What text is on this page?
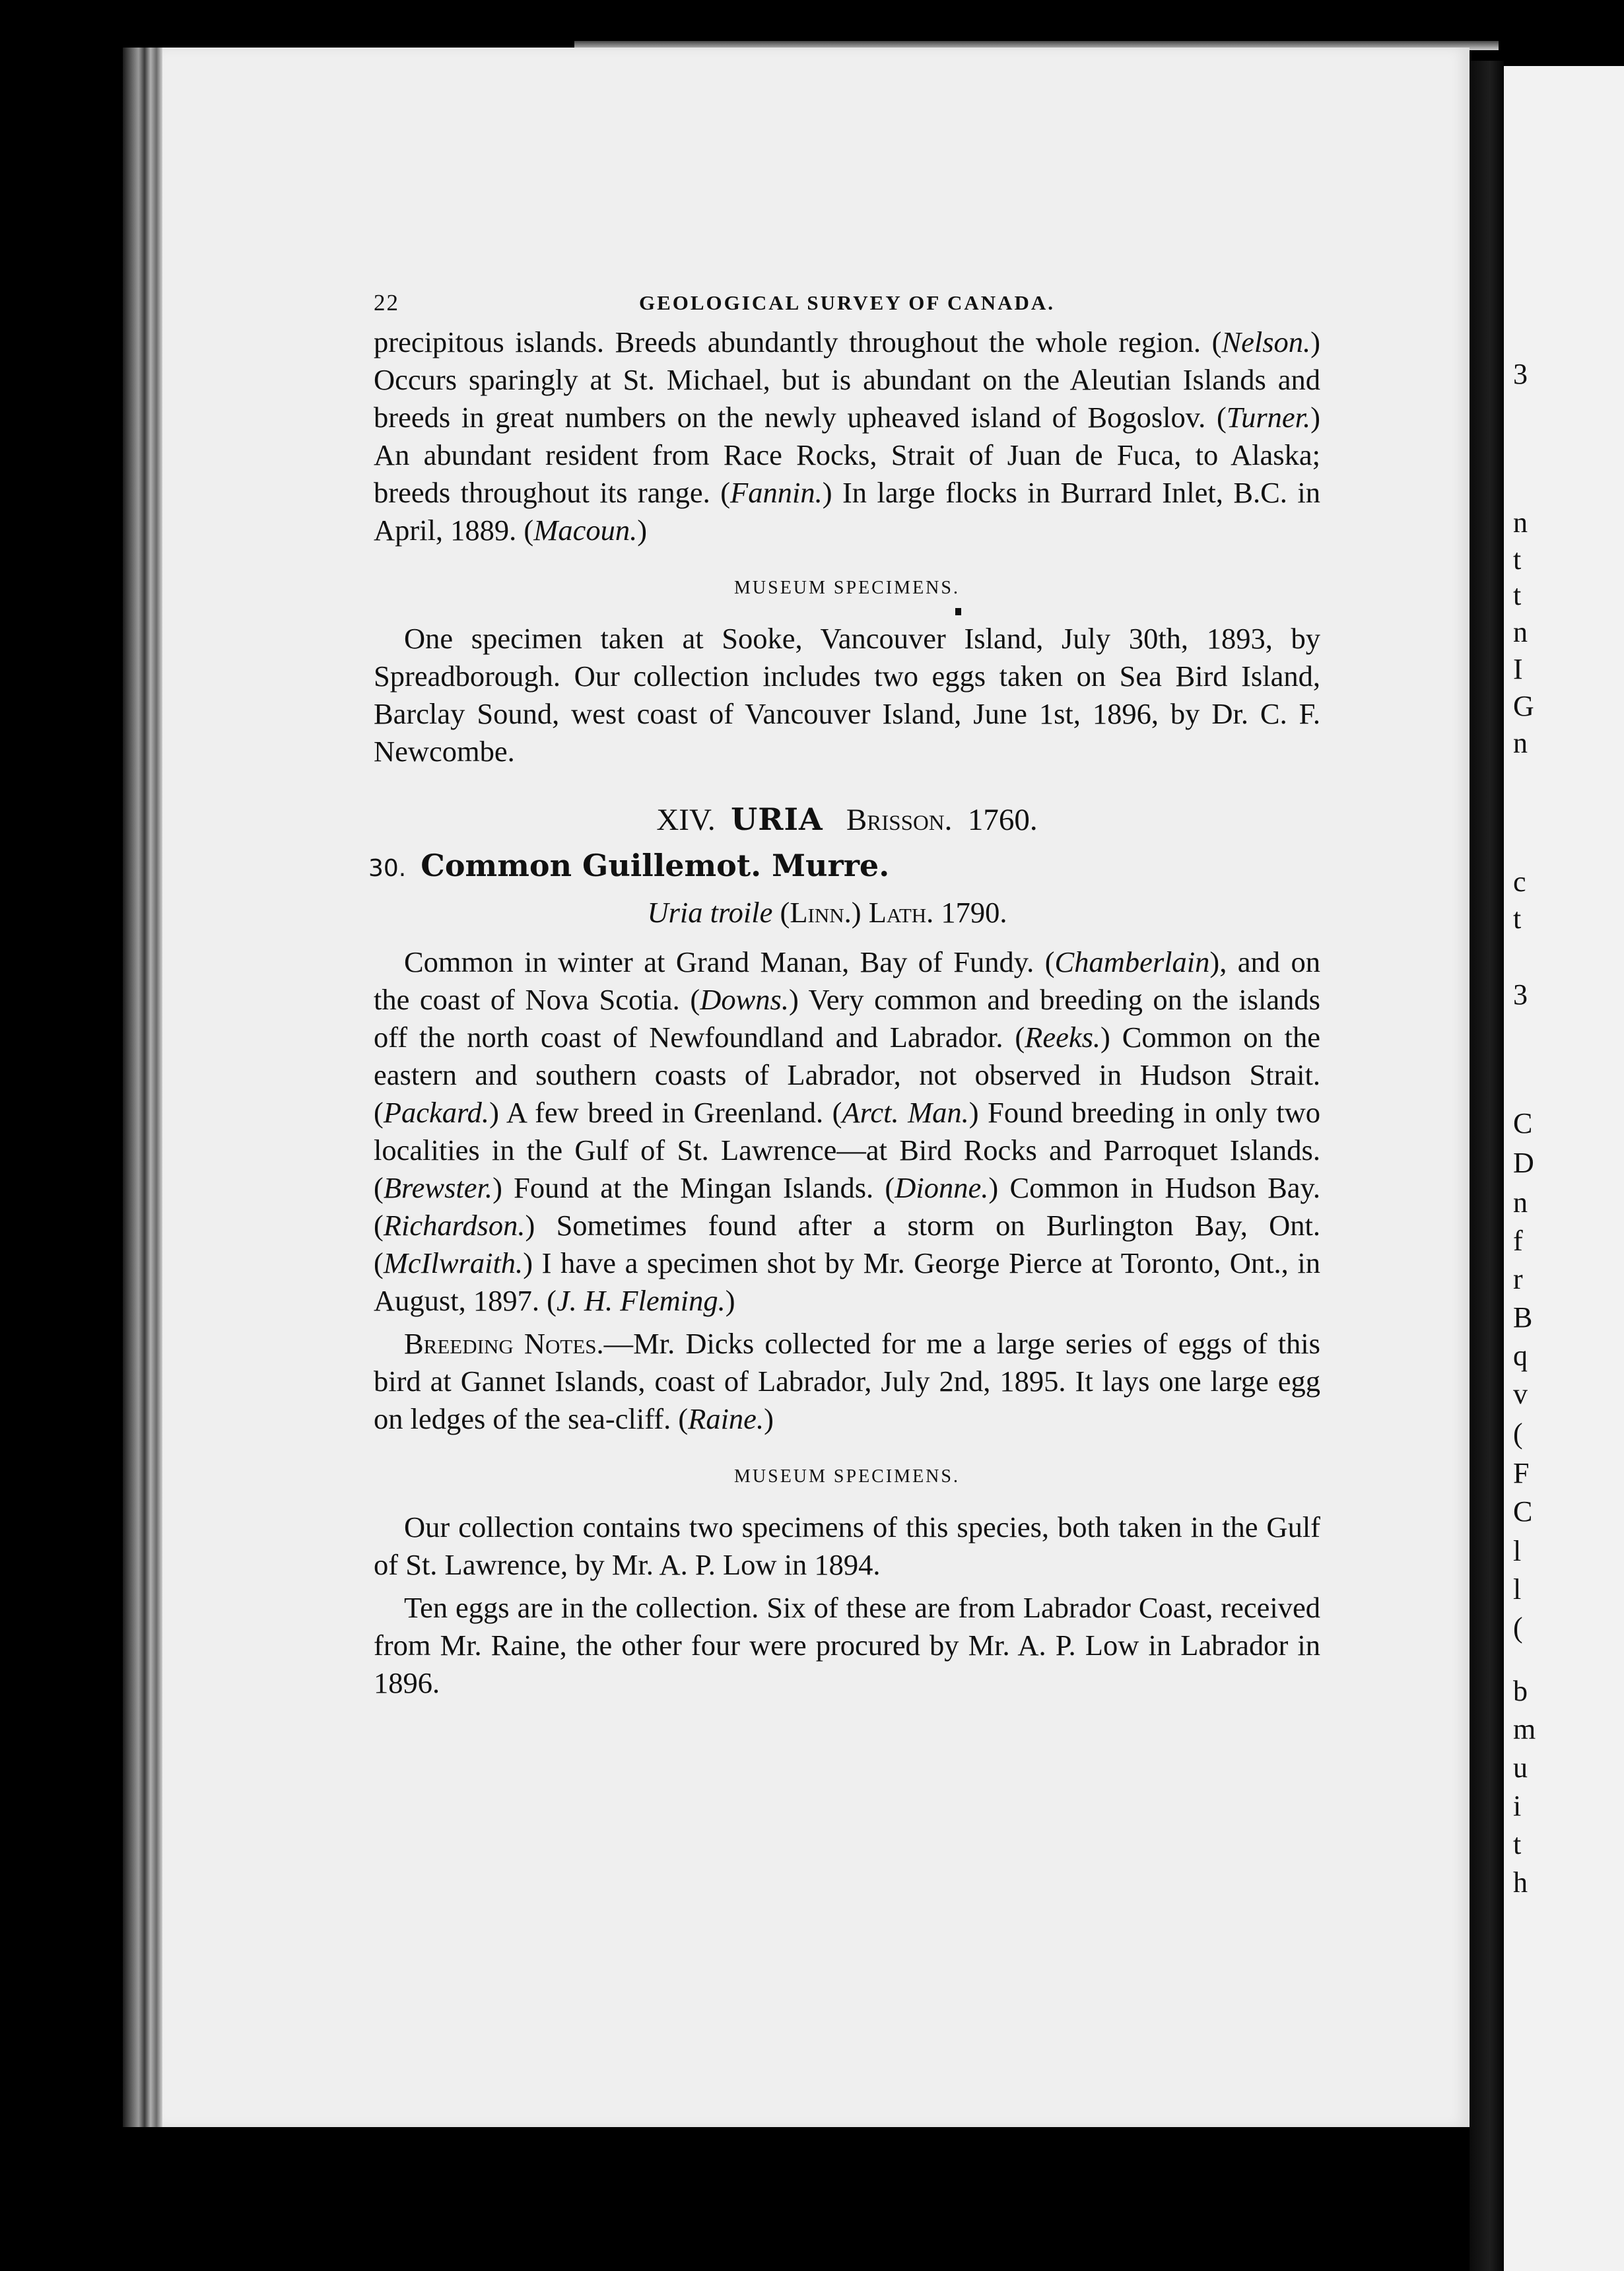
22	GEOLOGICAL SURVEY OF CANADA.

precipitous islands. Breeds abundantly throughout the whole region. (Nelson.) Occurs sparingly at St. Michael, but is abundant on the Aleutian Islands and breeds in great numbers on the newly upheaved island of Bogoslov. (Turner.) An abundant resident from Race Rocks, Strait of Juan de Fuca, to Alaska; breeds throughout its range. (Fannin.) In large flocks in Burrard Inlet, B.C. in April, 1889. (Macoun.)

MUSEUM SPECIMENS.

One specimen taken at Sooke, Vancouver Island, July 30th, 1893, by Spreadborough. Our collection includes two eggs taken on Sea Bird Island, Barclay Sound, west coast of Vancouver Island, June 1st, 1896, by Dr. C. F. Newcombe.

XIV. URIA Brisson. 1760.
30. Common Guillemot. Murre.
Uria troile (Linn.) Lath. 1790.

Common in winter at Grand Manan, Bay of Fundy. (Chamberlain), and on the coast of Nova Scotia. (Downs.) Very common and breeding on the islands off the north coast of Newfoundland and Labrador. (Reeks.) Common on the eastern and southern coasts of Labrador, not observed in Hudson Strait. (Packard.) A few breed in Greenland. (Arct. Man.) Found breeding in only two localities in the Gulf of St. Lawrence—at Bird Rocks and Parroquet Islands. (Brewster.) Found at the Mingan Islands. (Dionne.) Common in Hudson Bay. (Richardson.) Sometimes found after a storm on Burlington Bay, Ont. (McIlwraith.) I have a specimen shot by Mr. George Pierce at Toronto, Ont., in August, 1897. (J. H. Fleming.)

Breeding Notes.—Mr. Dicks collected for me a large series of eggs of this bird at Gannet Islands, coast of Labrador, July 2nd, 1895. It lays one large egg on ledges of the sea-cliff. (Raine.)

MUSEUM SPECIMENS.

Our collection contains two specimens of this species, both taken in the Gulf of St. Lawrence, by Mr. A. P. Low in 1894.

Ten eggs are in the collection. Six of these are from Labrador Coast, received from Mr. Raine, the other four were procured by Mr. A. P. Low in Labrador in 1896.

3
n
t
t
n
I
G
n
c
t
3
C
D
n
f
r
B
q
v
(
F
C
l
l
(
b
m
u
i
t
h
